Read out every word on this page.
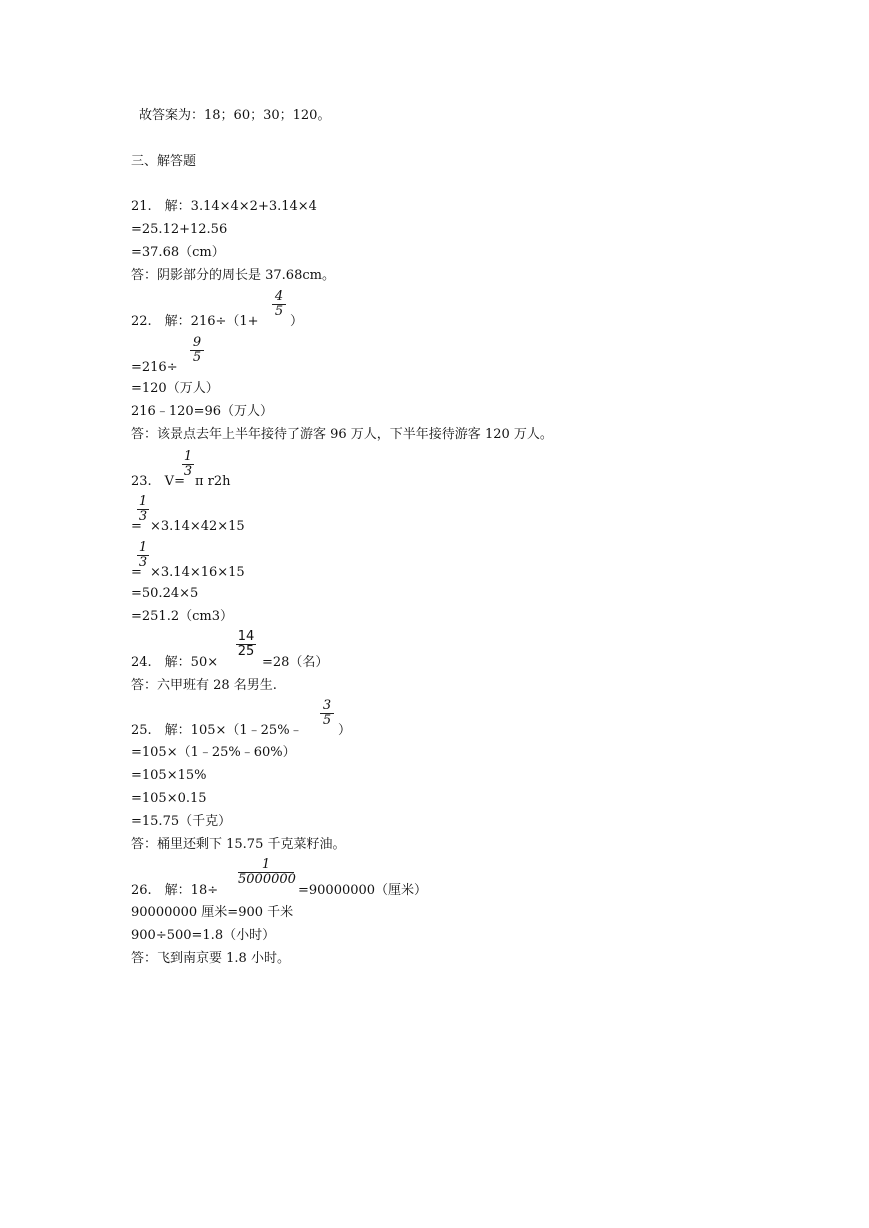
故答案为：18；60；30；120。
三、解答题
21.　解：3.14×4×2+3.14×4
=25.12+12.56
=37.68（cm）
答：阴影部分的周长是 37.68cm。
22.　解：216÷（1+
4
5
）
=216÷
9
5
=120（万人）
216﹣120=96（万人）
答：该景点去年上半年接待了游客 96 万人，下半年接待游客 120 万人。
23.　V=
1
3
π r2h
=
1
3
×3.14×42×15
=
1
3
×3.14×16×15
=50.24×5
=251.2（cm3）
24.　解：50×
14
25
=28（名）
答：六甲班有 28 名男生.
25.　解：105×（1﹣25%﹣
3
5
）
=105×（1﹣25%﹣60%）
=105×15%
=105×0.15
=15.75（千克）
答：桶里还剩下 15.75 千克菜籽油。
26.　解：18÷
1
5000000
=90000000（厘米）
90000000 厘米=900 千米
900÷500=1.8（小时）
答：飞到南京要 1.8 小时。
